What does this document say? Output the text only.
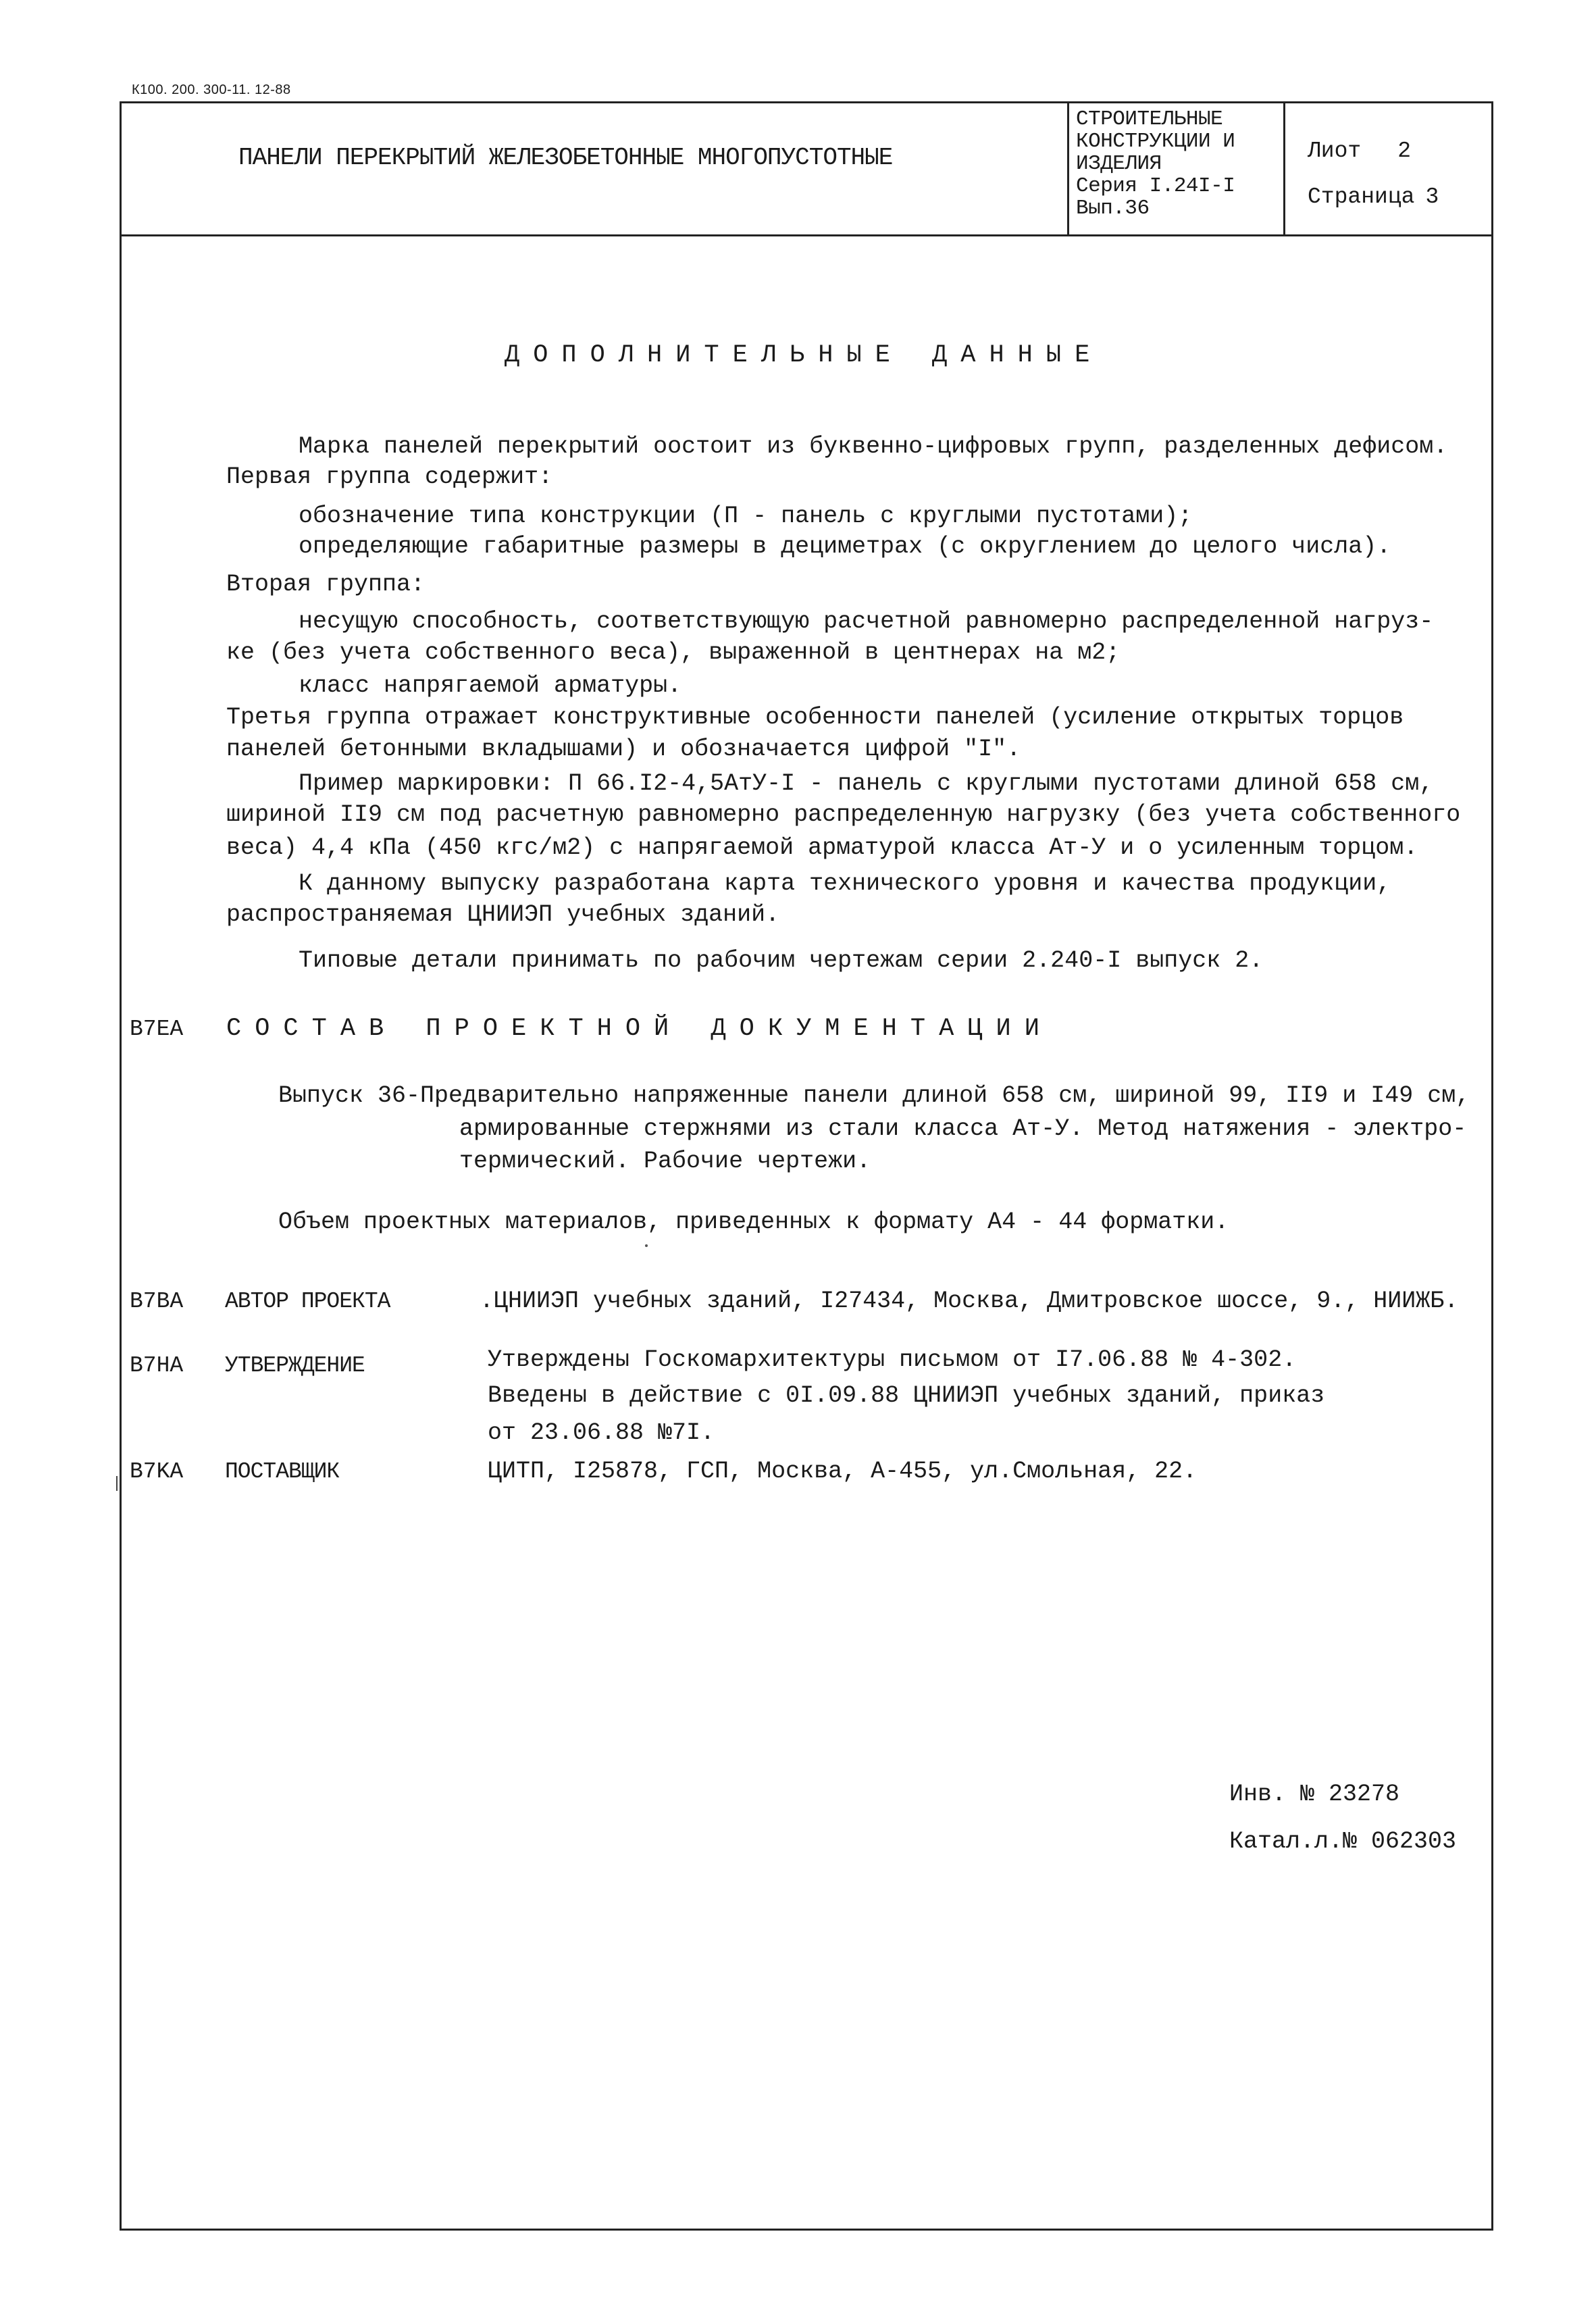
К100. 200. 300-11. 12-88
ПАНЕЛИ ПЕРЕКРЫТИЙ ЖЕЛЕЗОБЕТОННЫЕ МНОГОПУСТОТНЫЕ
СТРОИТЕЛЬНЫЕ
КОНСТРУКЦИИ И
ИЗДЕЛИЯ
Серия I.24I-I
Вып.36
Лиот 2
Страница 3
ДОПОЛНИТЕЛЬНЫЕ ДАННЫЕ
Марка панелей перекрытий оостоит из буквенно-цифровых групп, разделенных дефисом.
Первая группа содержит:
обозначение типа конструкции (П - панель с круглыми пустотами);
определяющие габаритные размеры в дециметрах (с округлением до целого числа).
Вторая группа:
несущую способность, соответствующую расчетной равномерно распределенной нагруз-
ке (без учета собственного веса), выраженной в центнерах на м2;
класс напрягаемой арматуры.
Третья группа отражает конструктивные особенности панелей (усиление открытых торцов
панелей бетонными вкладышами) и обозначается цифрой "I".
Пример маркировки: П 66.I2-4,5АтУ-I - панель с круглыми пустотами длиной 658 см,
шириной II9 см под расчетную равномерно распределенную нагрузку (без учета собственного
веса) 4,4 кПа (450 кгс/м2) с напрягаемой арматурой класса Ат-У и о усиленным торцом.
К данному выпуску разработана карта технического уровня и качества продукции,
распространяемая ЦНИИЭП учебных зданий.
Типовые детали принимать по рабочим чертежам серии 2.240-I выпуск 2.
B7EA СОСТАВ ПРОЕКТНОЙ ДОКУМЕНТАЦИИ
Выпуск 36-Предварительно напряженные панели длиной 658 см, шириной 99, II9 и I49 см,
армированные стержнями из стали класса Ат-У. Метод натяжения - электро-
термический. Рабочие чертежи.
Объем проектных материалов, приведенных к формату А4 - 44 форматки.
B7BA АВТОР ПРОЕКТА	.ЦНИИЭП учебных зданий, I27434, Москва, Дмитровское шоссе, 9., НИИЖБ.
B7HA УТВЕРЖДЕНИЕ	Утверждены Госкомархитектуры письмом от I7.06.88 № 4-302.
Введены в действие с 0I.09.88 ЦНИИЭП учебных зданий, приказ
от 23.06.88 №7I.
B7KA ПОСТАВЩИК	ЦИТП, I25878, ГСП, Москва, А-455, ул.Смольная, 22.
Инв. № 23278
Катал.л.№ 062303
